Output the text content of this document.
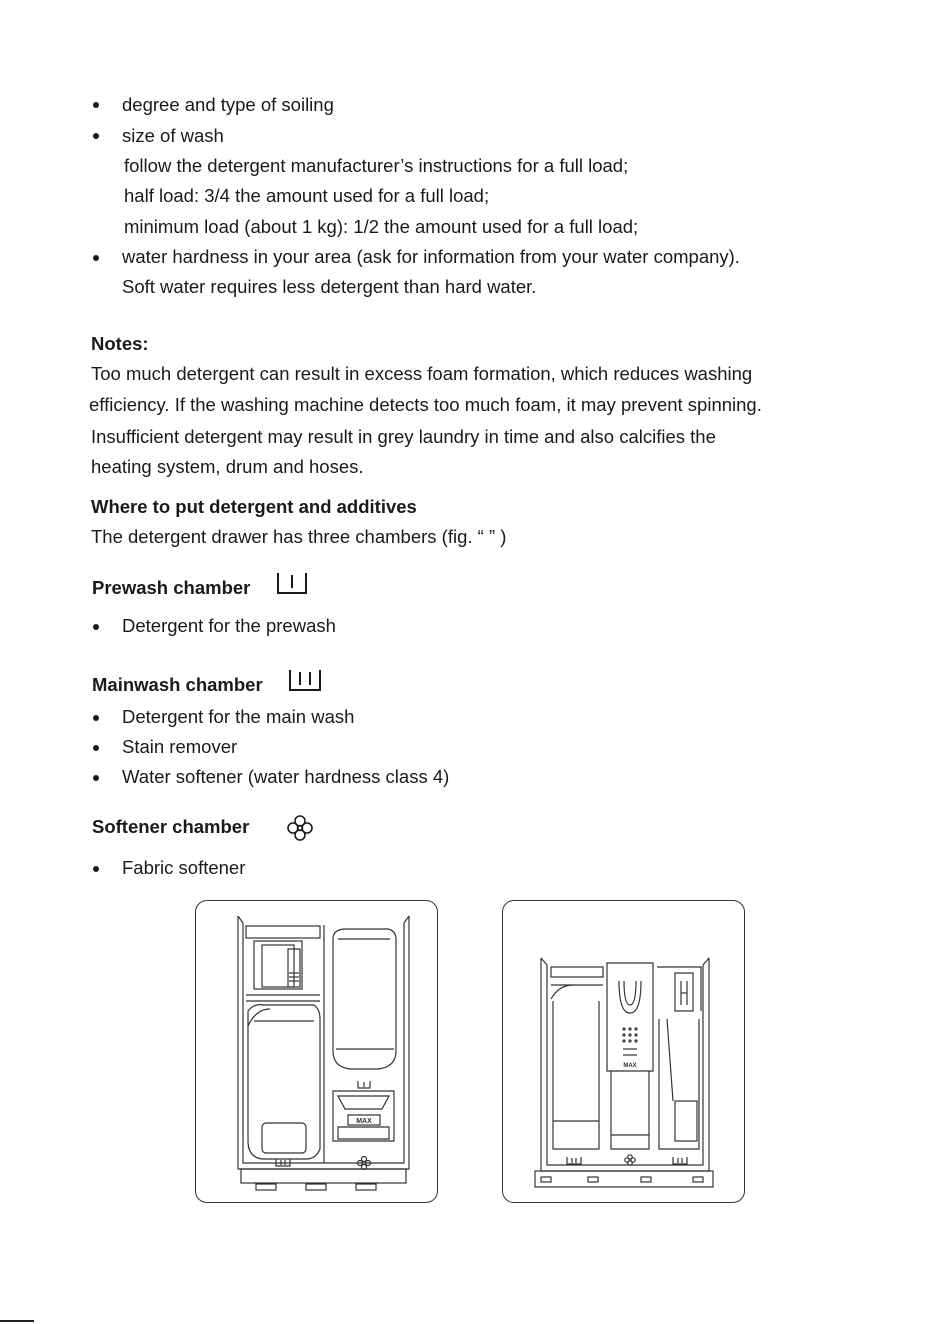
degree and type of soiling
size of wash
follow the detergent manufacturer’s instructions for a full load;
half load: 3/4 the amount used for a full load;
minimum load (about 1 kg): 1/2 the amount used for a full load;
water hardness in your area (ask for information from your water company).
Soft water requires less detergent than hard water.
Notes:
Too much detergent can result in excess foam formation, which reduces washing
efficiency. If the washing machine detects too much foam, it may prevent spinning.
Insufficient detergent may result in grey laundry in time and also calcifies the
heating system, drum and hoses.
Where to put detergent and additives
The detergent drawer has three chambers (fig. “ ” )
Prewash chamber
Detergent for the prewash
Mainwash chamber
Detergent for the main wash
Stain remover
Water softener (water hardness class 4)
Softener chamber
Fabric softener
MAX
MAX
